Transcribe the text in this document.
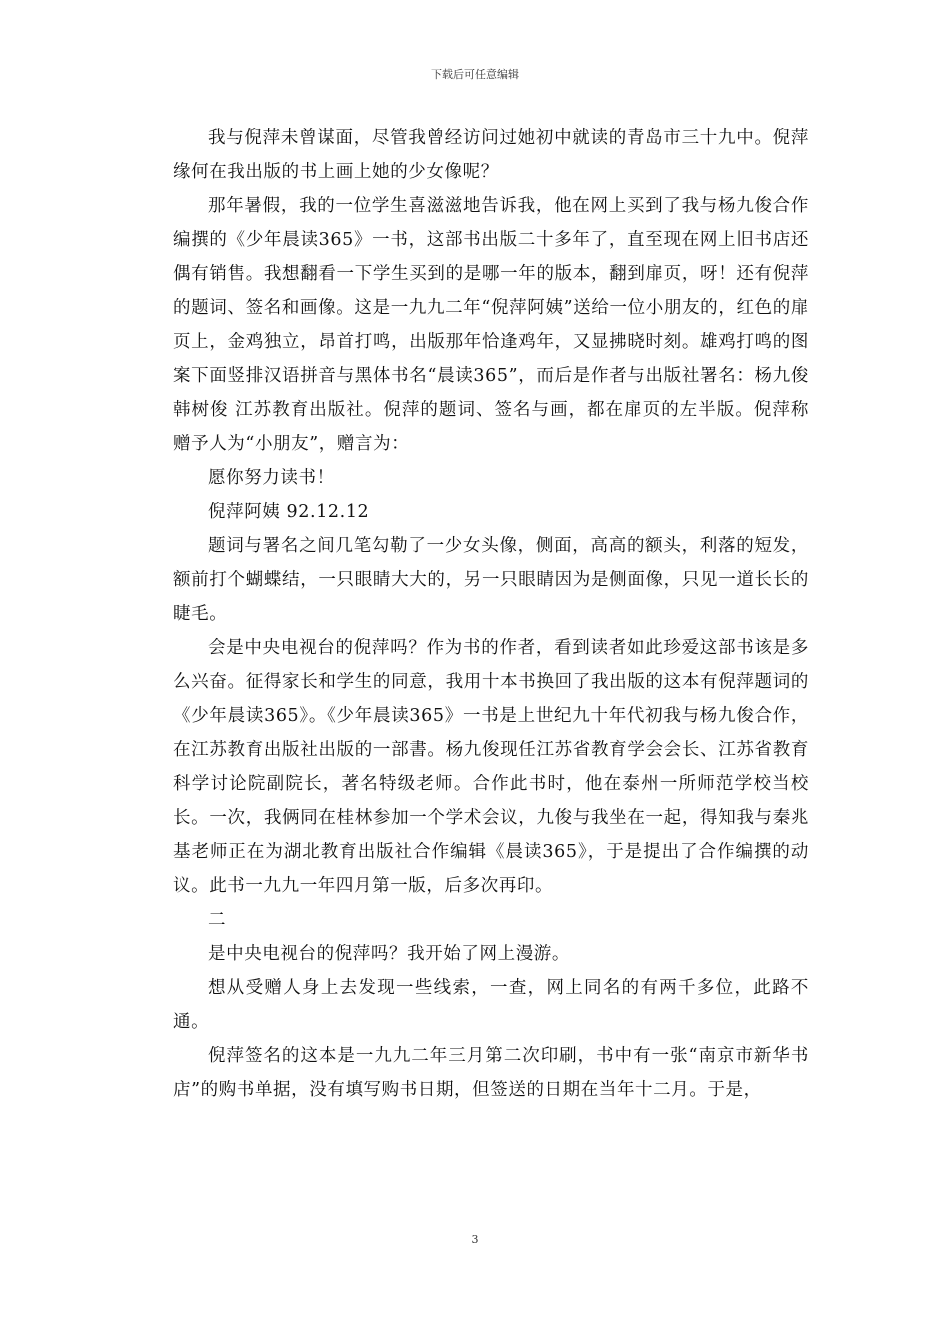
下载后可任意编辑

我与倪萍未曾谋面，尽管我曾经访问过她初中就读的青岛市三十九中。倪萍缘何在我出版的书上画上她的少女像呢？

那年暑假，我的一位学生喜滋滋地告诉我，他在网上买到了我与杨九俊合作编撰的《少年晨读365》一书，这部书出版二十多年了，直至现在网上旧书店还偶有销售。我想翻看一下学生买到的是哪一年的版本，翻到扉页，呀！还有倪萍的题词、签名和画像。这是一九九二年“倪萍阿姨”送给一位小朋友的，红色的扉页上，金鸡独立，昂首打鸣，出版那年恰逢鸡年，又显拂晓时刻。雄鸡打鸣的图案下面竖排汉语拼音与黑体书名“晨读365”，而后是作者与出版社署名：杨九俊 韩树俊 江苏教育出版社。倪萍的题词、签名与画，都在扉页的左半版。倪萍称赠予人为“小朋友”，赠言为：

愿你努力读书！

倪萍阿姨 92.12.12

题词与署名之间几笔勾勒了一少女头像，侧面，高高的额头，利落的短发，额前打个蝴蝶结，一只眼睛大大的，另一只眼睛因为是侧面像，只见一道长长的睫毛。

会是中央电视台的倪萍吗？作为书的作者，看到读者如此珍爱这部书该是多么兴奋。征得家长和学生的同意，我用十本书换回了我出版的这本有倪萍题词的《少年晨读365》。《少年晨读365》一书是上世纪九十年代初我与杨九俊合作，在江苏教育出版社出版的一部書。杨九俊现任江苏省教育学会会长、江苏省教育科学讨论院副院长，著名特级老师。合作此书时，他在泰州一所师范学校当校长。一次，我俩同在桂林参加一个学术会议，九俊与我坐在一起，得知我与秦兆基老师正在为湖北教育出版社合作编辑《晨读365》，于是提出了合作编撰的动议。此书一九九一年四月第一版，后多次再印。

二

是中央电视台的倪萍吗？我开始了网上漫游。

想从受赠人身上去发现一些线索，一查，网上同名的有两千多位，此路不通。

倪萍签名的这本是一九九二年三月第二次印刷，书中有一张“南京市新华书店”的购书单据，没有填写购书日期，但签送的日期在当年十二月。于是，

3
